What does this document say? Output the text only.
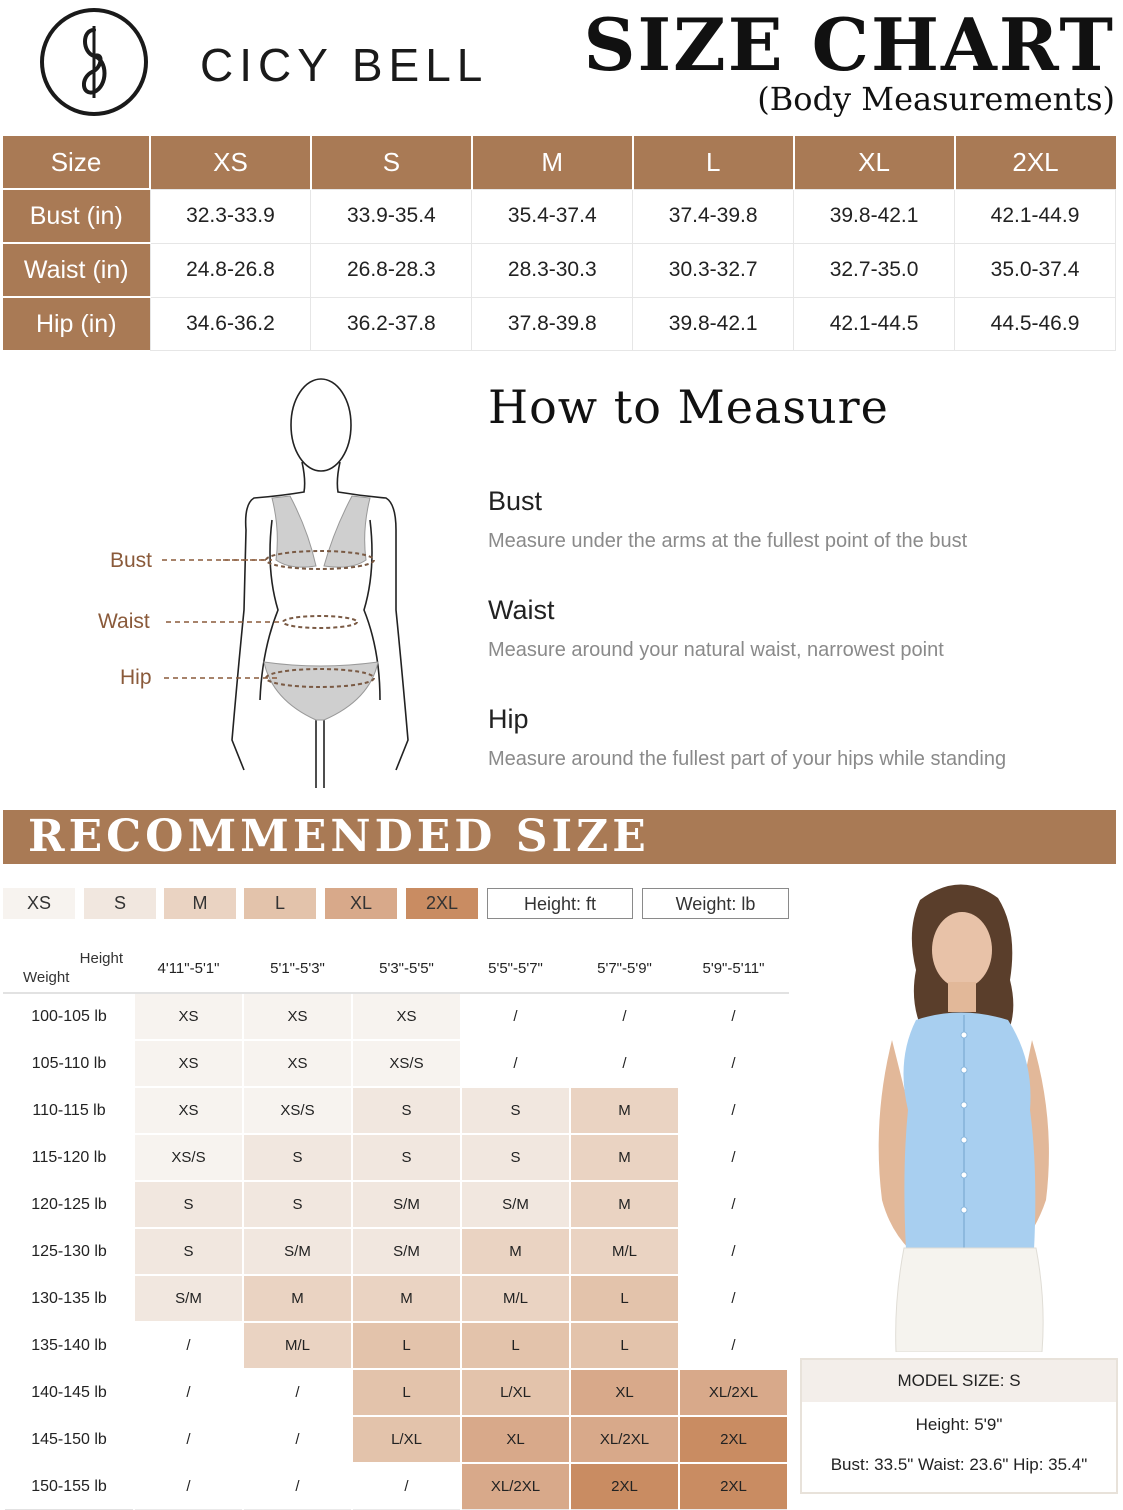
CICY BELL SIZE CHART
(Body Measurements)
Size	XS	S	M	L	XL	2XL
Bust (in)	32.3-33.9	33.9-35.4	35.4-37.4	37.4-39.8	39.8-42.1	42.1-44.9
Waist (in)	24.8-26.8	26.8-28.3	28.3-30.3	30.3-32.7	32.7-35.0	35.0-37.4
Hip (in)	34.6-36.2	36.2-37.8	37.8-39.8	39.8-42.1	42.1-44.5	44.5-46.9
Bust
Waist
Hip
How to Measure
Bust
Measure under the arms at the fullest point of the bust
Waist
Measure around your natural waist, narrowest point
Hip
Measure around the fullest part of your hips while standing
RECOMMENDED SIZE
XS	S	M	L	XL	2XL	Height: ft	Weight: lb
Height
Weight	4'11"-5'1"	5'1"-5'3"	5'3"-5'5"	5'5"-5'7"	5'7"-5'9"	5'9"-5'11"
100-105 lb	XS	XS	XS	/	/	/
105-110 lb	XS	XS	XS/S	/	/	/
110-115 lb	XS	XS/S	S	S	M	/
115-120 lb	XS/S	S	S	S	M	/
120-125 lb	S	S	S/M	S/M	M	/
125-130 lb	S	S/M	S/M	M	M/L	/
130-135 lb	S/M	M	M	M/L	L	/
135-140 lb	/	M/L	L	L	L	/
140-145 lb	/	/	L	L/XL	XL	XL/2XL
145-150 lb	/	/	L/XL	XL	XL/2XL	2XL
150-155 lb	/	/	/	XL/2XL	2XL	2XL
MODEL SIZE: S
Height: 5'9"
Bust: 33.5" Waist: 23.6" Hip: 35.4"
